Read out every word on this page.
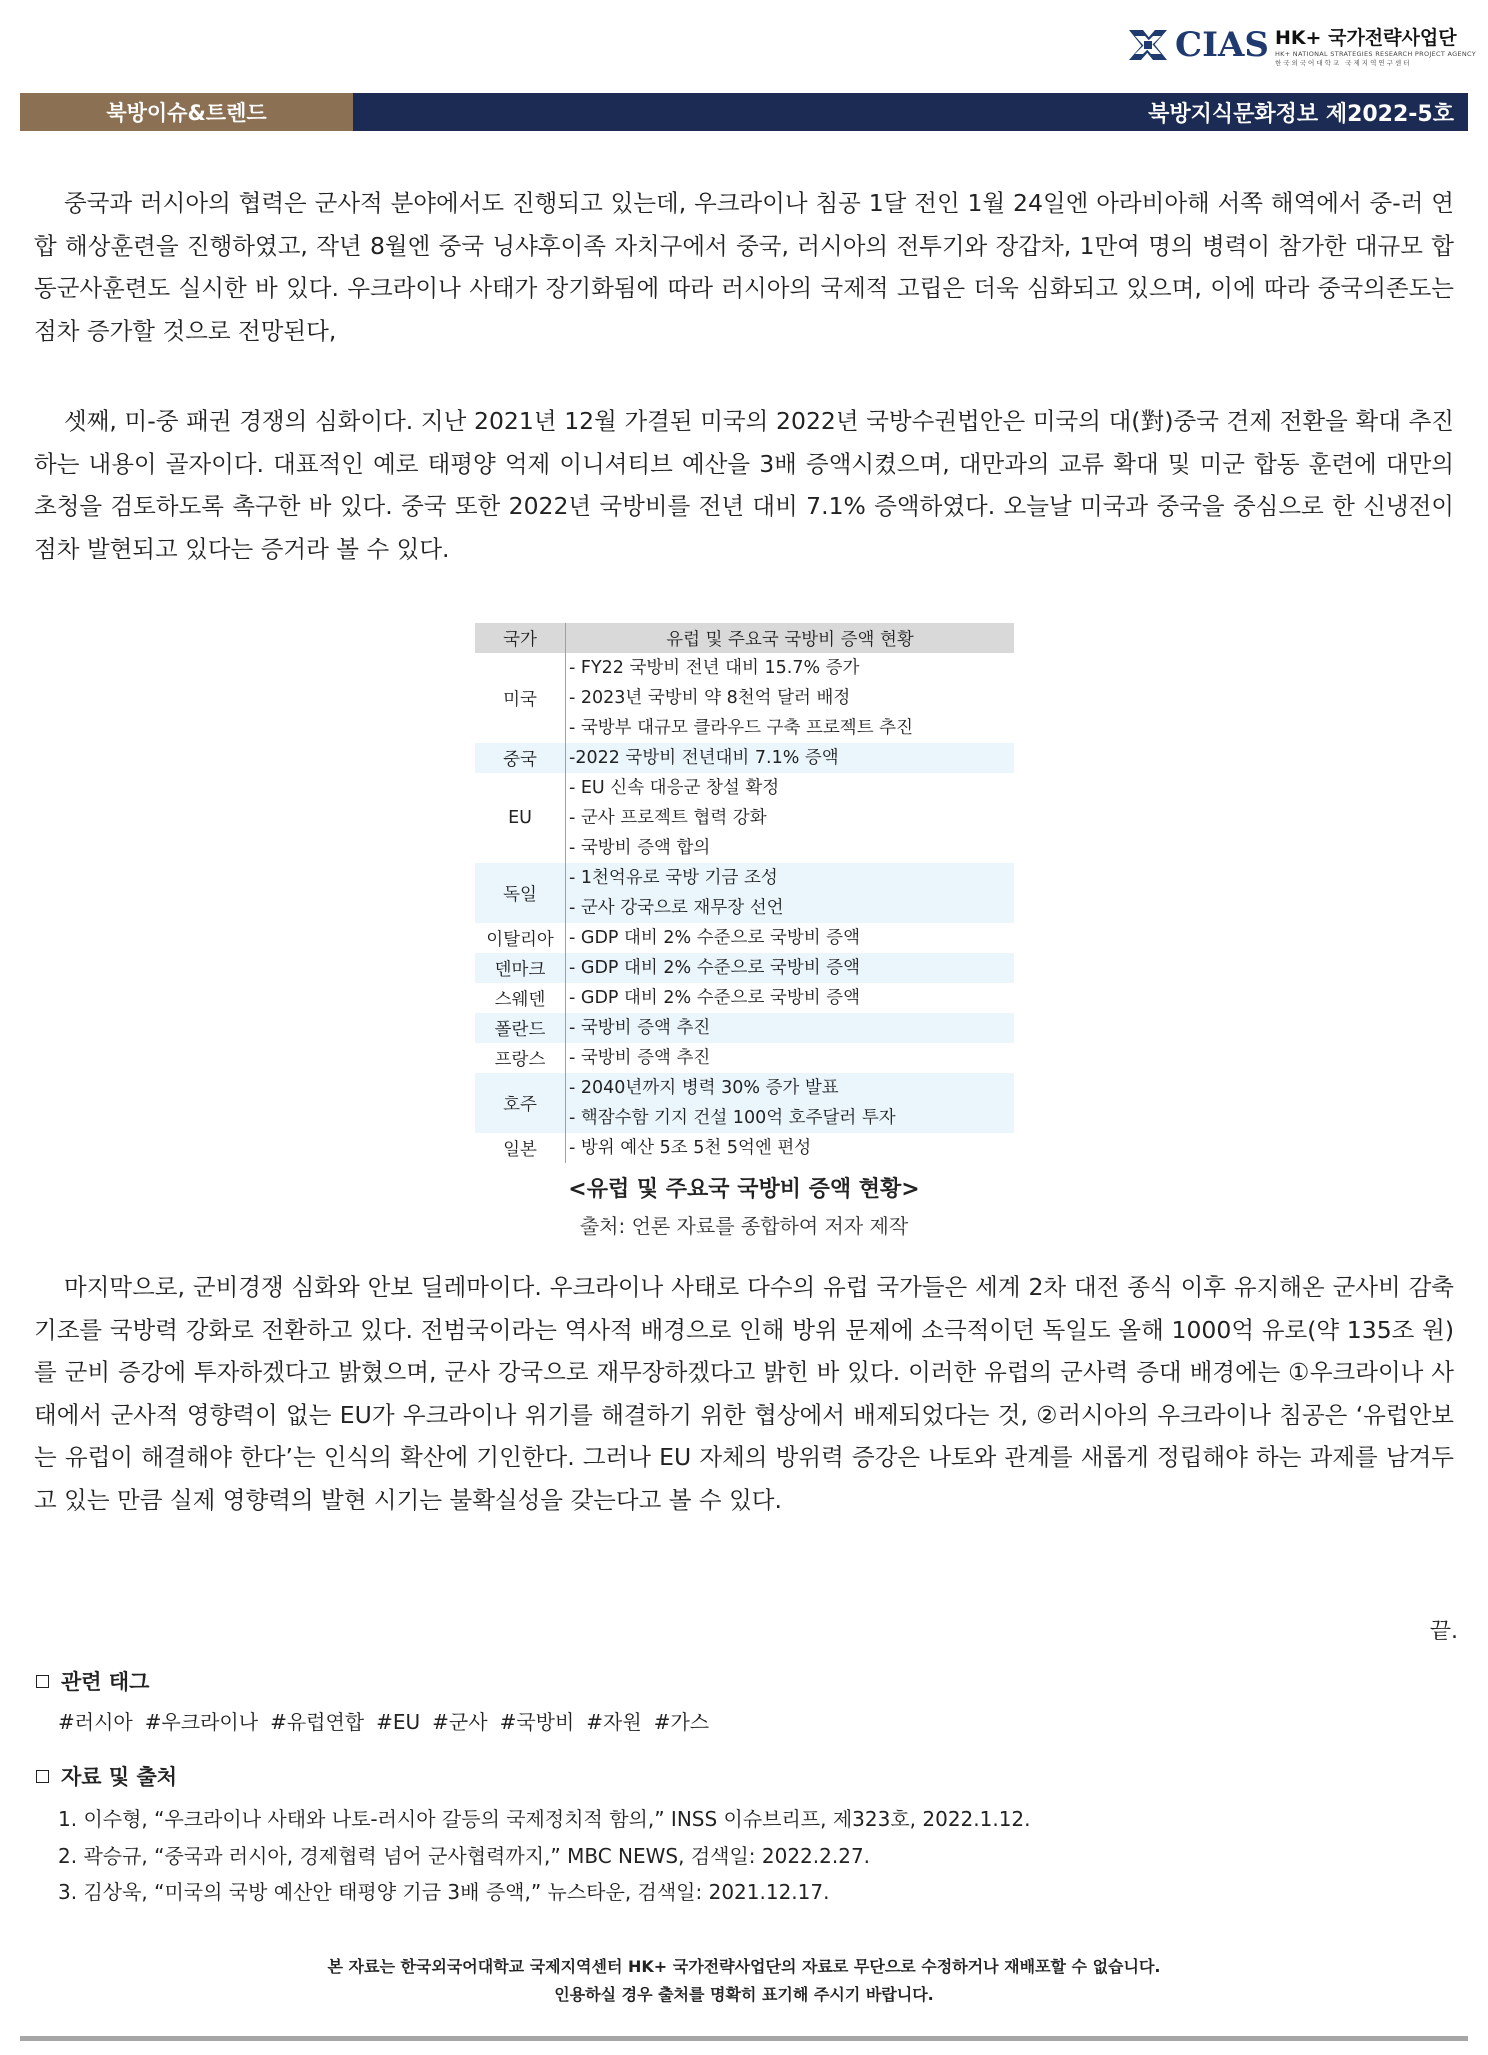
CIAS HK+ 국가전략사업단
HK+ NATIONAL STRATEGIES RESEARCH PROJECT AGENCY
한국외국어대학교 국제지역연구센터
북방이슈&트렌드	북방지식문화정보 제2022-5호

중국과 러시아의 협력은 군사적 분야에서도 진행되고 있는데, 우크라이나 침공 1달 전인 1월 24일엔 아라비아해 서쪽 해역에서 중-러 연합 해상훈련을 진행하였고, 작년 8월엔 중국 닝샤후이족 자치구에서 중국, 러시아의 전투기와 장갑차, 1만여 명의 병력이 참가한 대규모 합동군사훈련도 실시한 바 있다. 우크라이나 사태가 장기화됨에 따라 러시아의 국제적 고립은 더욱 심화되고 있으며, 이에 따라 중국의존도는 점차 증가할 것으로 전망된다,

셋째, 미-중 패권 경쟁의 심화이다. 지난 2021년 12월 가결된 미국의 2022년 국방수권법안은 미국의 대(對)중국 견제 전환을 확대 추진하는 내용이 골자이다. 대표적인 예로 태평양 억제 이니셔티브 예산을 3배 증액시켰으며, 대만과의 교류 확대 및 미군 합동 훈련에 대만의 초청을 검토하도록 촉구한 바 있다. 중국 또한 2022년 국방비를 전년 대비 7.1% 증액하였다. 오늘날 미국과 중국을 중심으로 한 신냉전이 점차 발현되고 있다는 증거라 볼 수 있다.

국가	유럽 및 주요국 국방비 증액 현황
미국	- FY22 국방비 전년 대비 15.7% 증가
- 2023년 국방비 약 8천억 달러 배정
- 국방부 대규모 클라우드 구축 프로젝트 추진

중국	-2022 국방비 전년대비 7.1% 증액

EU	- EU 신속 대응군 창설 확정
- 군사 프로젝트 협력 강화
- 국방비 증액 합의

독일	- 1천억유로 국방 기금 조성
- 군사 강국으로 재무장 선언

이탈리아	- GDP 대비 2% 수준으로 국방비 증액

덴마크	- GDP 대비 2% 수준으로 국방비 증액

스웨덴	- GDP 대비 2% 수준으로 국방비 증액

폴란드	- 국방비 증액 추진

프랑스	- 국방비 증액 추진

호주	- 2040년까지 병력 30% 증가 발표
- 핵잠수함 기지 건설 100억 호주달러 투자

일본	- 방위 예산 5조 5천 5억엔 편성
<유럽 및 주요국 국방비 증액 현황>
출처: 언론 자료를 종합하여 저자 제작

마지막으로, 군비경쟁 심화와 안보 딜레마이다. 우크라이나 사태로 다수의 유럽 국가들은 세계 2차 대전 종식 이후 유지해온 군사비 감축 기조를 국방력 강화로 전환하고 있다. 전범국이라는 역사적 배경으로 인해 방위 문제에 소극적이던 독일도 올해 1000억 유로(약 135조 원)를 군비 증강에 투자하겠다고 밝혔으며, 군사 강국으로 재무장하겠다고 밝힌 바 있다. 이러한 유럽의 군사력 증대 배경에는 ①우크라이나 사태에서 군사적 영향력이 없는 EU가 우크라이나 위기를 해결하기 위한 협상에서 배제되었다는 것, ②러시아의 우크라이나 침공은 ‘유럽안보는 유럽이 해결해야 한다’는 인식의 확산에 기인한다. 그러나 EU 자체의 방위력 증강은 나토와 관계를 새롭게 정립해야 하는 과제를 남겨두고 있는 만큼 실제 영향력의 발현 시기는 불확실성을 갖는다고 볼 수 있다.

끝.
관련 태그
#러시아 #우크라이나 #유럽연합 #EU #군사 #국방비 #자원 #가스
자료 및 출처
1. 이수형, “우크라이나 사태와 나토-러시아 갈등의 국제정치적 함의,” INSS 이슈브리프, 제323호, 2022.1.12.
2. 곽승규, “중국과 러시아, 경제협력 넘어 군사협력까지,” MBC NEWS, 검색일: 2022.2.27.
3. 김상욱, “미국의 국방 예산안 태평양 기금 3배 증액,” 뉴스타운, 검색일: 2021.12.17.
본 자료는 한국외국어대학교 국제지역센터 HK+ 국가전략사업단의 자료로 무단으로 수정하거나 재배포할 수 없습니다.
인용하실 경우 출처를 명확히 표기해 주시기 바랍니다.
